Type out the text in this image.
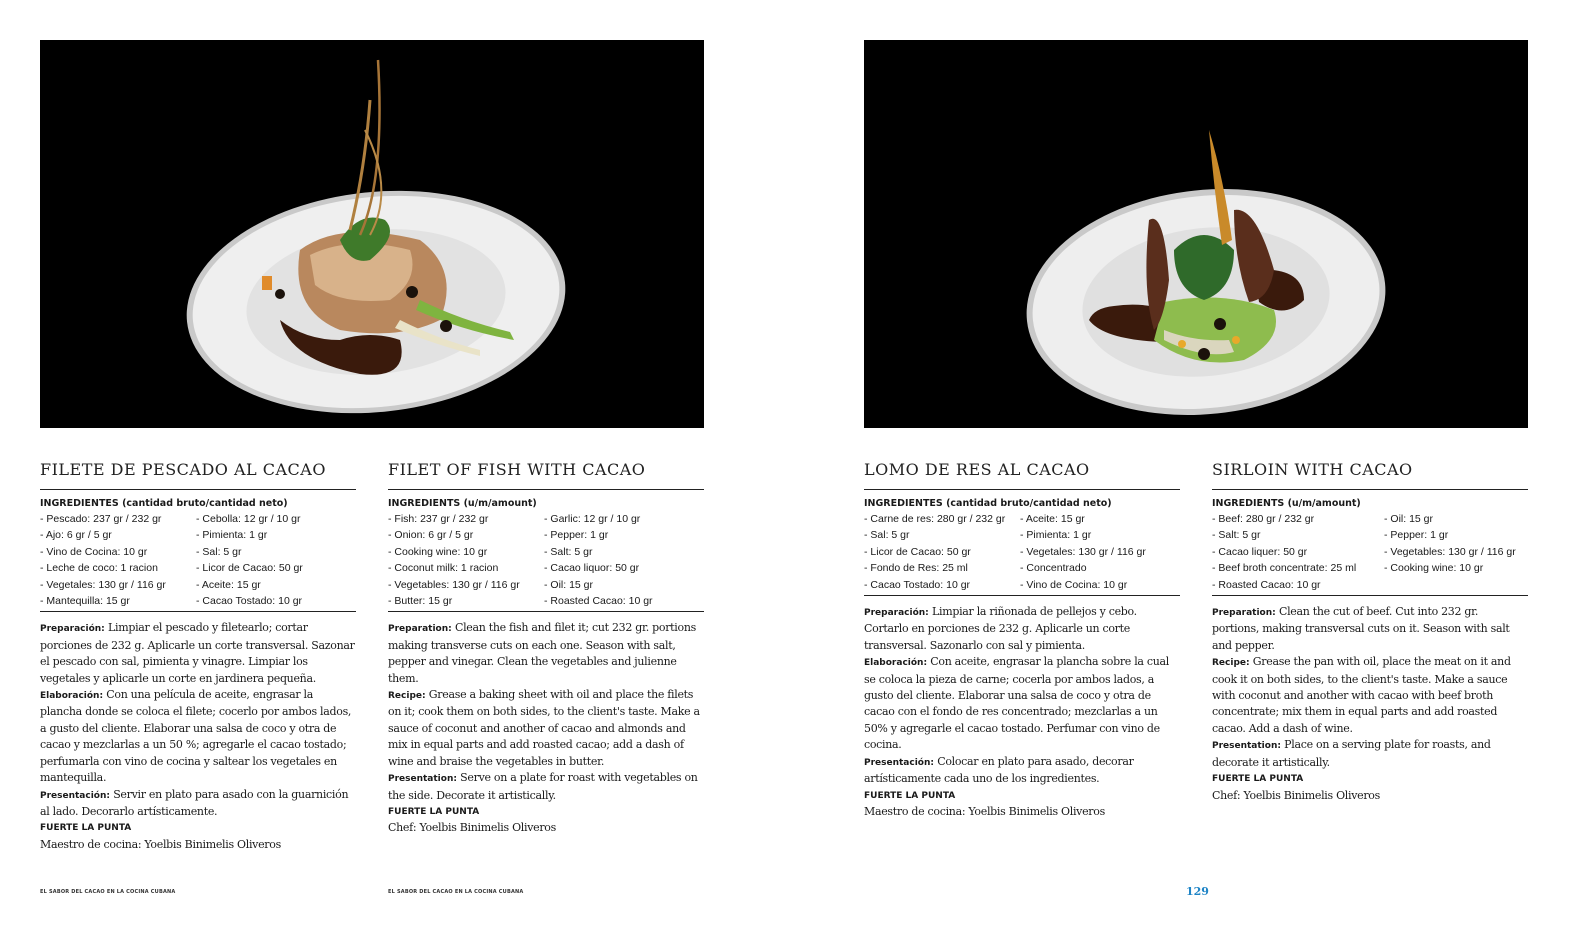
FILETE DE PESCADO AL CACAO
INGREDIENTES (cantidad bruto/cantidad neto)
- Pescado: 237 gr / 232 gr	- Cebolla: 12 gr / 10 gr
- Ajo: 6 gr / 5 gr	- Pimienta: 1 gr
- Vino de Cocina: 10 gr	- Sal: 5 gr
- Leche de coco: 1 racion	- Licor de Cacao: 50 gr
- Vegetales: 130 gr / 116 gr	- Aceite: 15 gr
- Mantequilla: 15 gr	- Cacao Tostado: 10 gr
Preparación: Limpiar el pescado y filetearlo; cortar porciones de 232 g. Aplicarle un corte transversal. Sazonar el pescado con sal, pimienta y vinagre. Limpiar los vegetales y aplicarle un corte en jardinera pequeña.
Elaboración: Con una película de aceite, engrasar la plancha donde se coloca el filete; cocerlo por ambos lados, a gusto del cliente. Elaborar una salsa de coco y otra de cacao y mezclarlas a un 50 %; agregarle el cacao tostado; perfumarla con vino de cocina y saltear los vegetales en mantequilla.
Presentación: Servir en plato para asado con la guarnición al lado. Decorarlo artísticamente.
FUERTE LA PUNTA
Maestro de cocina: Yoelbis Binimelis Oliveros
FILET OF FISH WITH CACAO
INGREDIENTS (u/m/amount)
- Fish: 237 gr / 232 gr	- Garlic: 12 gr / 10 gr
- Onion: 6 gr / 5 gr	- Pepper: 1 gr
- Cooking wine: 10 gr	- Salt: 5 gr
- Coconut milk: 1 racion	- Cacao liquor: 50 gr
- Vegetables: 130 gr / 116 gr	- Oil: 15 gr
- Butter: 15 gr	- Roasted Cacao: 10 gr
Preparation: Clean the fish and filet it; cut 232 gr. portions making transverse cuts on each one. Season with salt, pepper and vinegar. Clean the vegetables and julienne them.
Recipe: Grease a baking sheet with oil and place the filets on it; cook them on both sides, to the client's taste. Make a sauce of coconut and another of cacao and almonds and mix in equal parts and add roasted cacao; add a dash of wine and braise the vegetables in butter.
Presentation: Serve on a plate for roast with vegetables on the side. Decorate it artistically.
FUERTE LA PUNTA
Chef: Yoelbis Binimelis Oliveros
LOMO DE RES AL CACAO
INGREDIENTES (cantidad bruto/cantidad neto)
- Carne de res: 280 gr / 232 gr	- Aceite: 15 gr
- Sal: 5 gr	- Pimienta: 1 gr
- Licor de Cacao: 50 gr	- Vegetales: 130 gr / 116 gr
- Fondo de Res: 25 ml	- Concentrado
- Cacao Tostado: 10 gr	- Vino de Cocina: 10 gr
Preparación: Limpiar la riñonada de pellejos y cebo. Cortarlo en porciones de 232 g. Aplicarle un corte transversal. Sazonarlo con sal y pimienta.
Elaboración: Con aceite, engrasar la plancha sobre la cual se coloca la pieza de carne; cocerla por ambos lados, a gusto del cliente. Elaborar una salsa de coco y otra de cacao con el fondo de res concentrado; mezclarlas a un 50% y agregarle el cacao tostado. Perfumar con vino de cocina.
Presentación: Colocar en plato para asado, decorar artísticamente cada uno de los ingredientes.
FUERTE LA PUNTA
Maestro de cocina: Yoelbis Binimelis Oliveros
SIRLOIN WITH CACAO
INGREDIENTS (u/m/amount)
- Beef: 280 gr / 232 gr	- Oil: 15 gr
- Salt: 5 gr	- Pepper: 1 gr
- Cacao liquer: 50 gr	- Vegetables: 130 gr / 116 gr
- Beef broth concentrate: 25 ml	- Cooking wine: 10 gr
- Roasted Cacao: 10 gr
Preparation: Clean the cut of beef. Cut into 232 gr. portions, making transversal cuts on it. Season with salt and pepper.
Recipe: Grease the pan with oil, place the meat on it and cook it on both sides, to the client's taste. Make a sauce with coconut and another with cacao with beef broth concentrate; mix them in equal parts and add roasted cacao. Add a dash of wine.
Presentation: Place on a serving plate for roasts, and decorate it artistically.
FUERTE LA PUNTA
Chef: Yoelbis Binimelis Oliveros
EL SABOR DEL CACAO EN LA COCINA CUBANA	EL SABOR DEL CACAO EN LA COCINA CUBANA	129
